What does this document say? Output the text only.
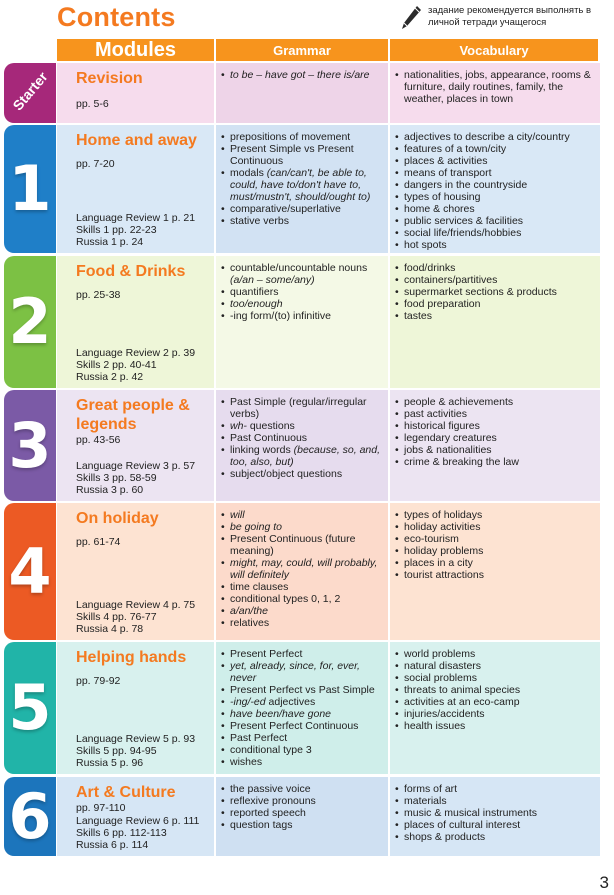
Contents	задание рекомендуется выполнять в личной тетради учащегося
Modules	Grammar	Vocabulary
Starter Revision
pp. 5-6
• to be – have got – there is/are
•	nationalities, jobs, appearance, rooms & furniture, daily routines, family, the weather, places in town
1
Home and away
pp. 7-20
Language Review 1 p. 21
Skills 1 pp. 22-23
Russia 1 p. 24
• prepositions of movement
• Present Simple vs Present Continuous
• modals (can/can't, be able to, could, have to/don't have to, must/mustn't, should/ought to)
• comparative/superlative
• stative verbs
• adjectives to describe a city/country
• features of a town/city
• places & activities
• means of transport
• dangers in the countryside
• types of housing
• home & chores
• public services & facilities
• social life/friends/hobbies
• hot spots
2
Food & Drinks
pp. 25-38
Language Review 2 p. 39
Skills 2 pp. 40-41
Russia 2 p. 42
• countable/uncountable nouns (a/an – some/any)
• quantifiers
• too/enough
• -ing form/(to) infinitive
• food/drinks
• containers/partitives
• supermarket sections & products
• food preparation
• tastes
3
Great people & legends
pp. 43-56
Language Review 3 p. 57
Skills 3 pp. 58-59
Russia 3 p. 60
• Past Simple (regular/irregular verbs)
• wh- questions
• Past Continuous
• linking words (because, so, and, too, also, but)
• subject/object questions
• people & achievements
• past activities
• historical figures
• legendary creatures
• jobs & nationalities
• crime & breaking the law
4
On holiday
pp. 61-74
Language Review 4 p. 75
Skills 4 pp. 76-77
Russia 4 p. 78
• will
• be going to
• Present Continuous (future meaning)
• might, may, could, will probably, will definitely
• time clauses
• conditional types 0, 1, 2
• a/an/the
• relatives
• types of holidays
• holiday activities
• eco-tourism
• holiday problems
• places in a city
• tourist attractions
5
Helping hands
pp. 79-92
Language Review 5 p. 93
Skills 5 pp. 94-95
Russia 5 p. 96
• Present Perfect
• yet, already, since, for, ever, never
• Present Perfect vs Past Simple
• -ing/-ed adjectives
• have been/have gone
• Present Perfect Continuous
• Past Perfect
• conditional type 3
• wishes
• world problems
• natural disasters
• social problems
• threats to animal species
• activities at an eco-camp
• injuries/accidents
• health issues
6 Art & Culture
pp. 97-110
Language Review 6 p. 111
Skills 6 pp. 112-113
Russia 6 p. 114
• the passive voice
• reflexive pronouns
• reported speech
• question tags
• forms of art
• materials
• music & musical instruments
• places of cultural interest
• shops & products
3
